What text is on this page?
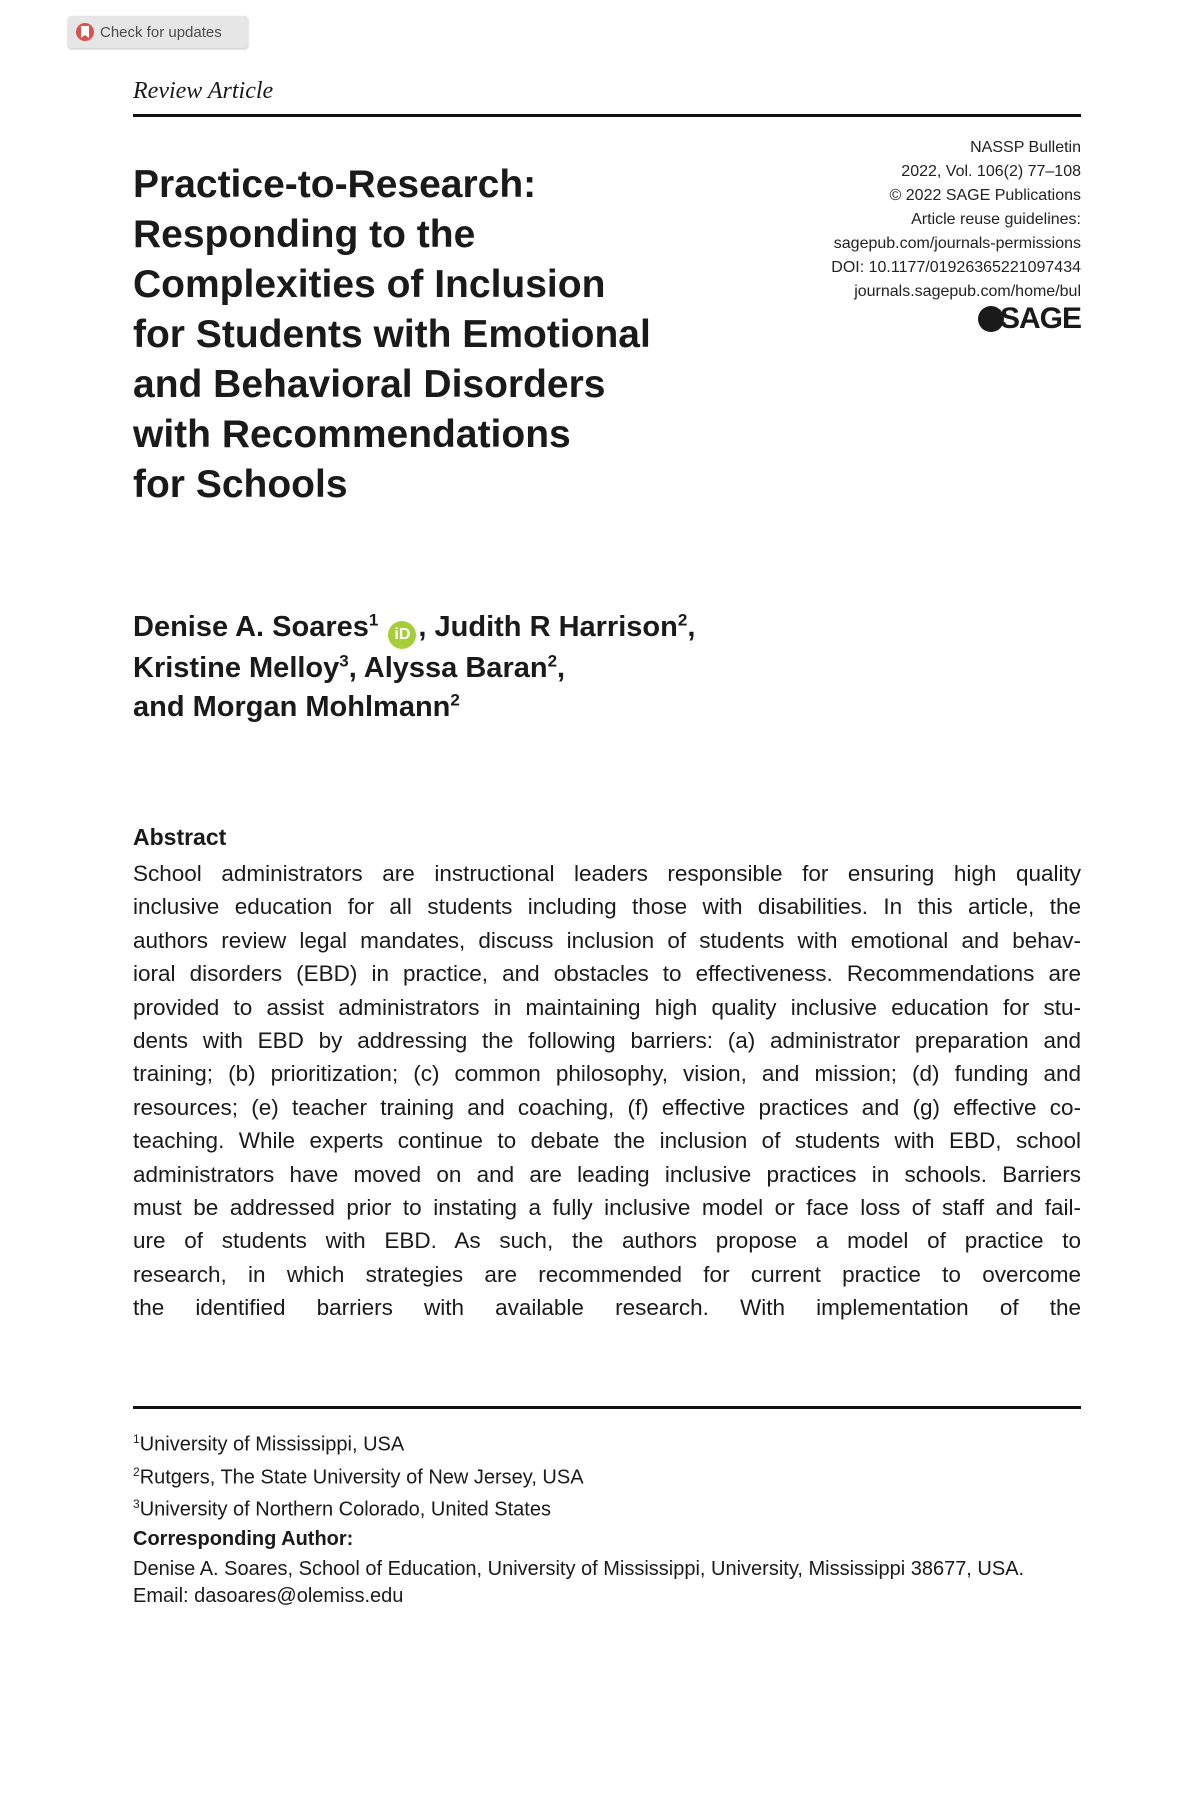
Check for updates
Review Article
NASSP Bulletin
2022, Vol. 106(2) 77–108
© 2022 SAGE Publications
Article reuse guidelines:
sagepub.com/journals-permissions
DOI: 10.1177/01926365221097434
journals.sagepub.com/home/bul
SAGE
Practice-to-Research:
Responding to the
Complexities of Inclusion
for Students with Emotional
and Behavioral Disorders
with Recommendations
for Schools
Denise A. Soares$^1$ iD , Judith R Harrison$^2$,
Kristine Melloy$^3$, Alyssa Baran$^2$,
and Morgan Mohlmann$^2$
Abstract

School administrators are instructional leaders responsible for ensuring high quality
inclusive education for all students including those with disabilities. In this article, the
authors review legal mandates, discuss inclusion of students with emotional and behav-
ioral disorders (EBD) in practice, and obstacles to effectiveness. Recommendations are
provided to assist administrators in maintaining high quality inclusive education for stu-
dents with EBD by addressing the following barriers: (a) administrator preparation and
training; (b) prioritization; (c) common philosophy, vision, and mission; (d) funding and
resources; (e) teacher training and coaching, (f) effective practices and (g) effective co-
teaching. While experts continue to debate the inclusion of students with EBD, school
administrators have moved on and are leading inclusive practices in schools. Barriers
must be addressed prior to instating a fully inclusive model or face loss of staff and fail-
ure of students with EBD. As such, the authors propose a model of practice to
research, in which strategies are recommended for current practice to overcome
the identified barriers with available research. With implementation of the

$^1$University of Mississippi, USA
$^2$Rutgers, The State University of New Jersey, USA
$^3$University of Northern Colorado, United States
Corresponding Author:
Denise A. Soares, School of Education, University of Mississippi, University, Mississippi 38677, USA.
Email: dasoares@olemiss.edu
